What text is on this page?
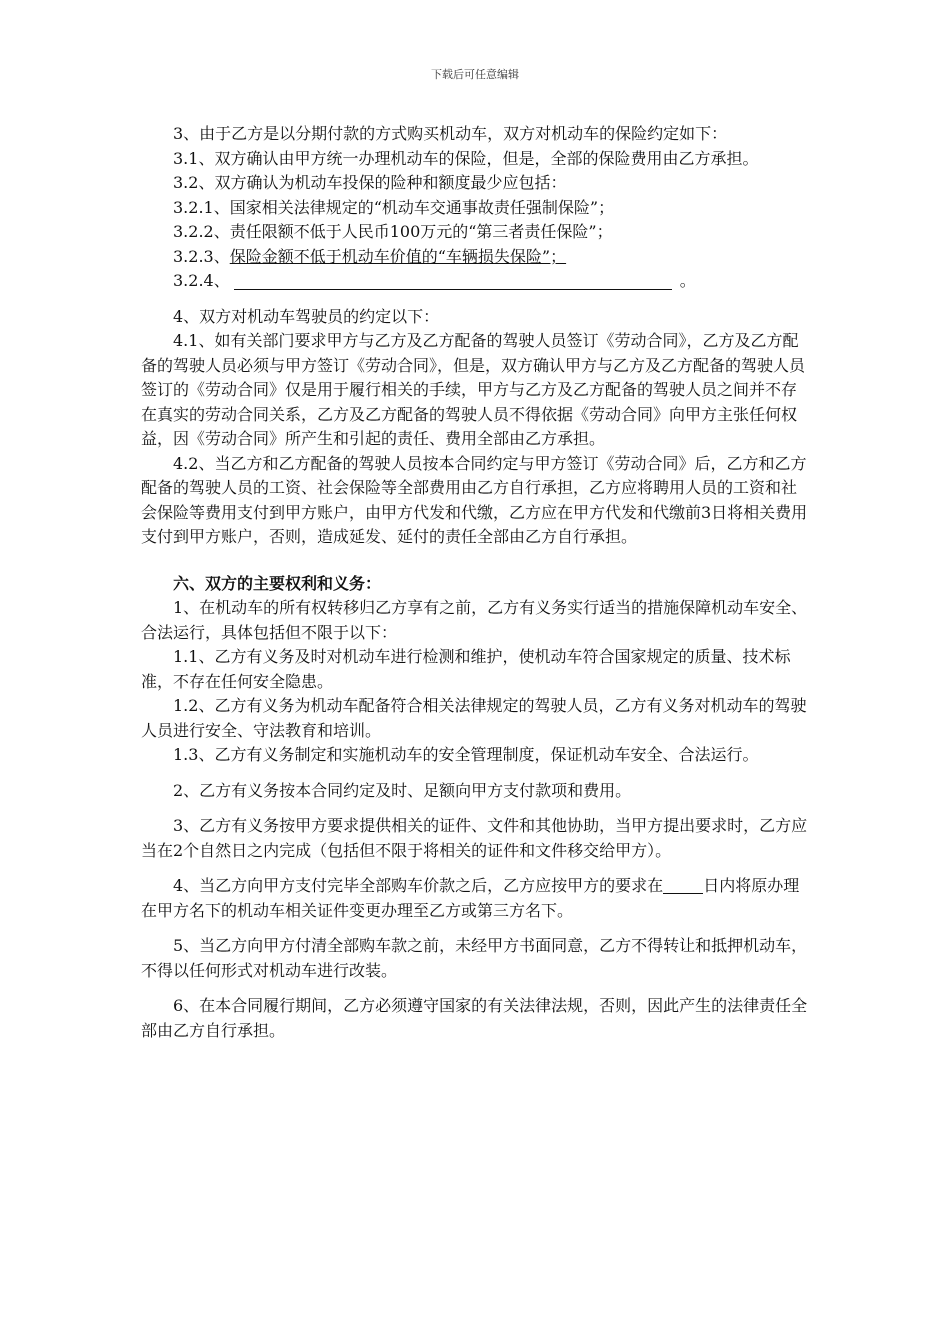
下载后可任意编辑

3、由于乙方是以分期付款的方式购买机动车，双方对机动车的保险约定如下：

3.1、双方确认由甲方统一办理机动车的保险，但是，全部的保险费用由乙方承担。

3.2、双方确认为机动车投保的险种和额度最少应包括：

3.2.1、国家相关法律规定的“机动车交通事故责任强制保险”；

3.2.2、责任限额不低于人民币100万元的“第三者责任保险”；

3.2.3、保险金额不低于机动车价值的“车辆损失保险”；

3.2.4、	。

4、双方对机动车驾驶员的约定以下：

4.1、如有关部门要求甲方与乙方及乙方配备的驾驶人员签订《劳动合同》，乙方及乙方配备的驾驶人员必须与甲方签订《劳动合同》，但是，双方确认甲方与乙方及乙方配备的驾驶人员签订的《劳动合同》仅是用于履行相关的手续，甲方与乙方及乙方配备的驾驶人员之间并不存在真实的劳动合同关系，乙方及乙方配备的驾驶人员不得依据《劳动合同》向甲方主张任何权益，因《劳动合同》所产生和引起的责任、费用全部由乙方承担。

4.2、当乙方和乙方配备的驾驶人员按本合同约定与甲方签订《劳动合同》后，乙方和乙方配备的驾驶人员的工资、社会保险等全部费用由乙方自行承担，乙方应将聘用人员的工资和社会保险等费用支付到甲方账户，由甲方代发和代缴，乙方应在甲方代发和代缴前3日将相关费用支付到甲方账户，否则，造成延发、延付的责任全部由乙方自行承担。

六、双方的主要权利和义务：

1、在机动车的所有权转移归乙方享有之前，乙方有义务实行适当的措施保障机动车安全、合法运行，具体包括但不限于以下：

1.1、乙方有义务及时对机动车进行检测和维护，使机动车符合国家规定的质量、技术标准，不存在任何安全隐患。

1.2、乙方有义务为机动车配备符合相关法律规定的驾驶人员，乙方有义务对机动车的驾驶人员进行安全、守法教育和培训。

1.3、乙方有义务制定和实施机动车的安全管理制度，保证机动车安全、合法运行。

2、乙方有义务按本合同约定及时、足额向甲方支付款项和费用。

3、乙方有义务按甲方要求提供相关的证件、文件和其他协助，当甲方提出要求时，乙方应当在2个自然日之内完成（包括但不限于将相关的证件和文件移交给甲方）。

4、当乙方向甲方支付完毕全部购车价款之后，乙方应按甲方的要求在	日内将原办理在甲方名下的机动车相关证件变更办理至乙方或第三方名下。

5、当乙方向甲方付清全部购车款之前，未经甲方书面同意，乙方不得转让和抵押机动车，不得以任何形式对机动车进行改装。

6、在本合同履行期间，乙方必须遵守国家的有关法律法规，否则，因此产生的法律责任全部由乙方自行承担。
